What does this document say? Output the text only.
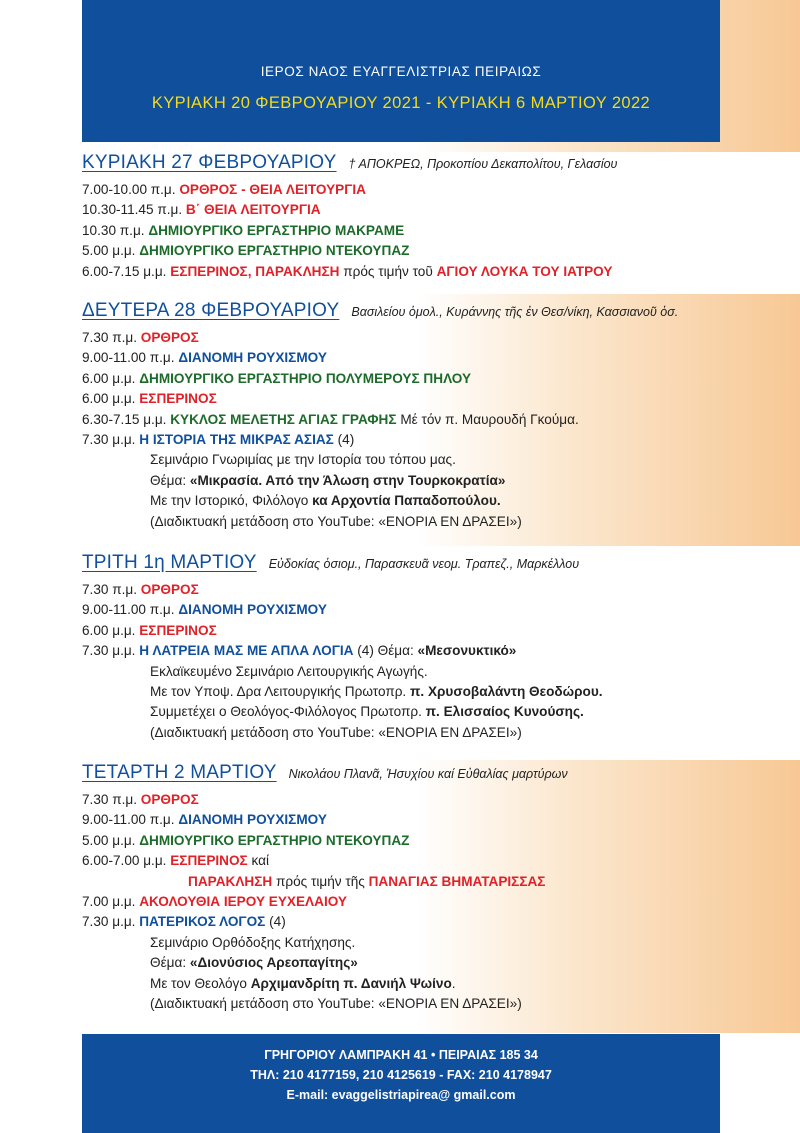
ΙΕΡΟΣ ΝΑΟΣ ΕΥΑΓΓΕΛΙΣΤΡΙΑΣ ΠΕΙΡΑΙΩΣ
ΚΥΡΙΑΚΗ 20 ΦΕΒΡΟΥΑΡΙΟΥ 2021 - ΚΥΡΙΑΚΗ 6 ΜΑΡΤΙΟΥ 2022
ΚΥΡΙΑΚΗ 27 ΦΕΒΡΟΥΑΡΙΟΥ † ΑΠΟΚΡΕΩ, Προκοπίου Δεκαπολίτου, Γελασίου
7.00-10.00 π.μ. ΟΡΘΡΟΣ - ΘΕΙΑ ΛΕΙΤΟΥΡΓΙΑ
10.30-11.45 π.μ. Β΄ ΘΕΙΑ ΛΕΙΤΟΥΡΓΙΑ
10.30 π.μ. ΔΗΜΙΟΥΡΓΙΚΟ ΕΡΓΑΣΤΗΡΙΟ ΜΑΚΡΑΜΕ
5.00 μ.μ. ΔΗΜΙΟΥΡΓΙΚΟ ΕΡΓΑΣΤΗΡΙΟ ΝΤΕΚΟΥΠΑΖ
6.00-7.15 μ.μ. ΕΣΠΕΡΙΝΟΣ, ΠΑΡΑΚΛΗΣΗ πρός τιμήν τοῦ ΑΓΙΟΥ ΛΟΥΚΑ ΤΟΥ ΙΑΤΡΟΥ
ΔΕΥΤΕΡΑ 28 ΦΕΒΡΟΥΑΡΙΟΥ Βασιλείου ὁμολ., Κυράννης τῆς ἐν Θεσ/νίκη, Κασσιανοῦ ὁσ.
7.30 π.μ. ΟΡΘΡΟΣ
9.00-11.00 π.μ. ΔΙΑΝΟΜΗ ΡΟΥΧΙΣΜΟΥ
6.00 μ.μ. ΔΗΜΙΟΥΡΓΙΚΟ ΕΡΓΑΣΤΗΡΙΟ ΠΟΛΥΜΕΡΟΥΣ ΠΗΛΟΥ
6.00 μ.μ. ΕΣΠΕΡΙΝΟΣ
6.30-7.15 μ.μ. ΚΥΚΛΟΣ ΜΕΛΕΤΗΣ ΑΓΙΑΣ ΓΡΑΦΗΣ Μέ τόν π. Μαυρουδή Γκούμα.
7.30 μ.μ. Η ΙΣΤΟΡΙΑ ΤΗΣ ΜΙΚΡΑΣ ΑΣΙΑΣ (4)
Σεμινάριο Γνωριμίας με την Ιστορία του τόπου μας.
Θέμα: «Μικρασία. Από την Άλωση στην Τουρκοκρατία»
Με την Ιστορικό, Φιλόλογο κα Αρχοντία Παπαδοπούλου.
(Διαδικτυακή μετάδοση στο YouTube: «ΕΝΟΡΙΑ ΕΝ ΔΡΑΣΕΙ»)
ΤΡΙΤΗ 1η ΜΑΡΤΙΟΥ Εὐδοκίας ὁσιομ., Παρασκευᾶ νεομ. Τραπεζ., Μαρκέλλου
7.30 π.μ. ΟΡΘΡΟΣ
9.00-11.00 π.μ. ΔΙΑΝΟΜΗ ΡΟΥΧΙΣΜΟΥ
6.00 μ.μ. ΕΣΠΕΡΙΝΟΣ
7.30 μ.μ. Η ΛΑΤΡΕΙΑ ΜΑΣ ΜΕ ΑΠΛΑ ΛΟΓΙΑ (4) Θέμα: «Μεσονυκτικό»
Εκλαϊκευμένο Σεμινάριο Λειτουργικής Αγωγής.
Με τον Υποψ. Δρα Λειτουργικής Πρωτοπρ. π. Χρυσοβαλάντη Θεοδώρου.
Συμμετέχει ο Θεολόγος-Φιλόλογος Πρωτοπρ. π. Ελισσαίος Κυνούσης.
(Διαδικτυακή μετάδοση στο YouTube: «ΕΝΟΡΙΑ ΕΝ ΔΡΑΣΕΙ»)
ΤΕΤΑΡΤΗ 2 ΜΑΡΤΙΟΥ Νικολάου Πλανᾶ, Ἡσυχίου καί Εὐθαλίας μαρτύρων
7.30 π.μ. ΟΡΘΡΟΣ
9.00-11.00 π.μ. ΔΙΑΝΟΜΗ ΡΟΥΧΙΣΜΟΥ
5.00 μ.μ. ΔΗΜΙΟΥΡΓΙΚΟ ΕΡΓΑΣΤΗΡΙΟ ΝΤΕΚΟΥΠΑΖ
6.00-7.00 μ.μ. ΕΣΠΕΡΙΝΟΣ καί
ΠΑΡΑΚΛΗΣΗ πρός τιμήν τῆς ΠΑΝΑΓΙΑΣ ΒΗΜΑΤΑΡΙΣΣΑΣ
7.00 μ.μ. ΑΚΟΛΟΥΘΙΑ ΙΕΡΟΥ ΕΥΧΕΛΑΙΟΥ
7.30 μ.μ. ΠΑΤΕΡΙΚΟΣ ΛΟΓΟΣ (4)
Σεμινάριο Ορθόδοξης Κατήχησης.
Θέμα: «Διονύσιος Αρεοπαγίτης»
Με τον Θεολόγο Αρχιμανδρίτη π. Δανιήλ Ψωίνο.
(Διαδικτυακή μετάδοση στο YouTube: «ΕΝΟΡΙΑ ΕΝ ΔΡΑΣΕΙ»)
ΓΡΗΓΟΡΙΟΥ ΛΑΜΠΡΑΚΗ 41 • ΠΕΙΡΑΙΑΣ 185 34
ΤΗΛ: 210 4177159, 210 4125619 - FAX: 210 4178947
E-mail: evaggelistriapirea@ gmail.com
